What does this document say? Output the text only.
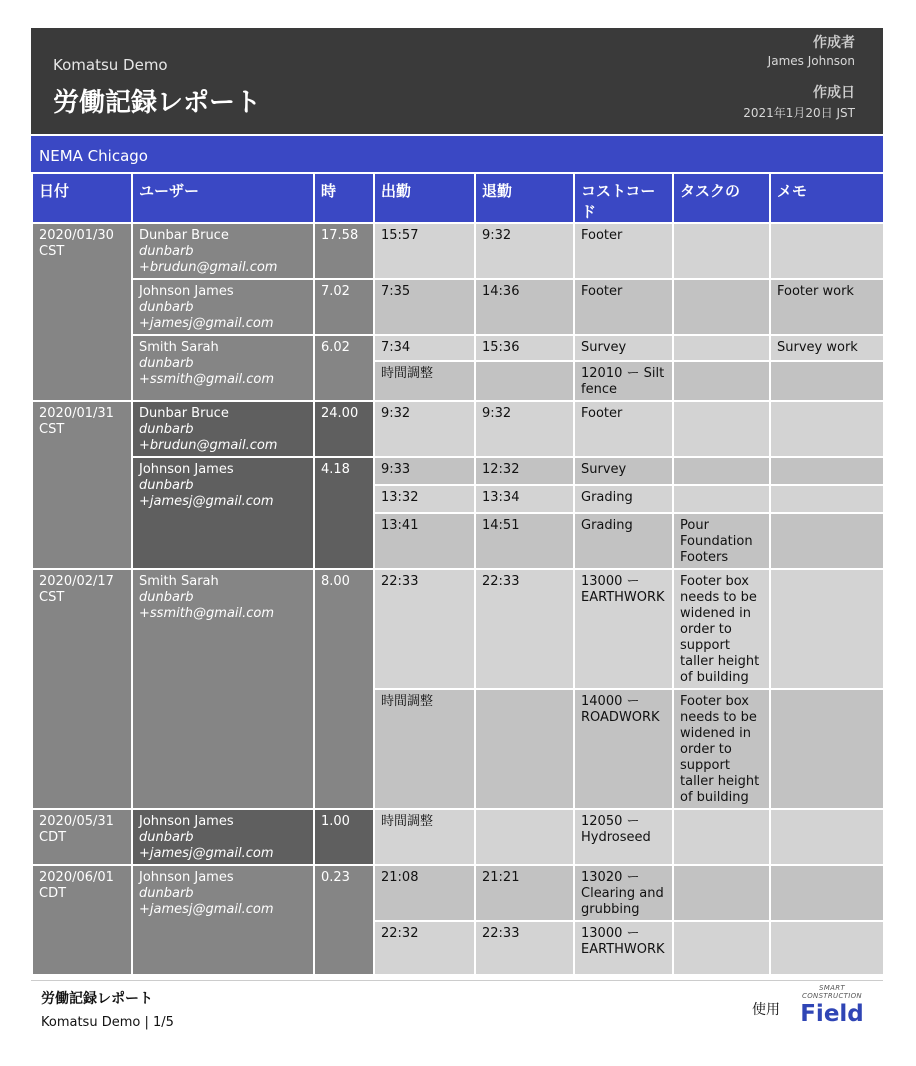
Komatsu Demo
労働記録レポート
作成者
James Johnson
作成日
2021年1月20日 JST
NEMA Chicago
日付	ユーザー	時	出勤	退勤	コストコード	タスクの	メモ
2020/01/30 CST	Dunbar Bruce
dunbarb
+brudun@gmail.com	17.58	15:57	9:32	Footer		

	Johnson James
dunbarb
+jamesj@gmail.com	7.02	7:35	14:36	Footer		Footer work

	Smith Sarah
dunbarb
+ssmith@gmail.com	6.02	7:34	15:36	Survey		Survey work
			時間調整		12010 ー Silt fence		
2020/01/31 CST	Dunbar Bruce
dunbarb
+brudun@gmail.com	24.00	9:32	9:32	Footer		

	Johnson James
dunbarb
+jamesj@gmail.com	4.18	9:33	12:32	Survey		
			13:32	13:34	Grading		
			13:41	14:51	Grading	Pour Foundation Footers	
2020/02/17 CST	Smith Sarah
dunbarb
+ssmith@gmail.com	8.00	22:33	22:33	13000 ー EARTHWORK	Footer box needs to be widened in order to support taller height of building	
			時間調整		14000 ー ROADWORK	Footer box needs to be widened in order to support taller height of building	
2020/05/31 CDT	Johnson James
dunbarb
+jamesj@gmail.com	1.00	時間調整		12050 ー Hydroseed		
2020/06/01 CDT	Johnson James
dunbarb
+jamesj@gmail.com	0.23	21:08	21:21	13020 ー Clearing and grubbing		
			22:32	22:33	13000 ー EARTHWORK		
労働記録レポート
Komatsu Demo | 1/5
使用
SMART CONSTRUCTION
Field
